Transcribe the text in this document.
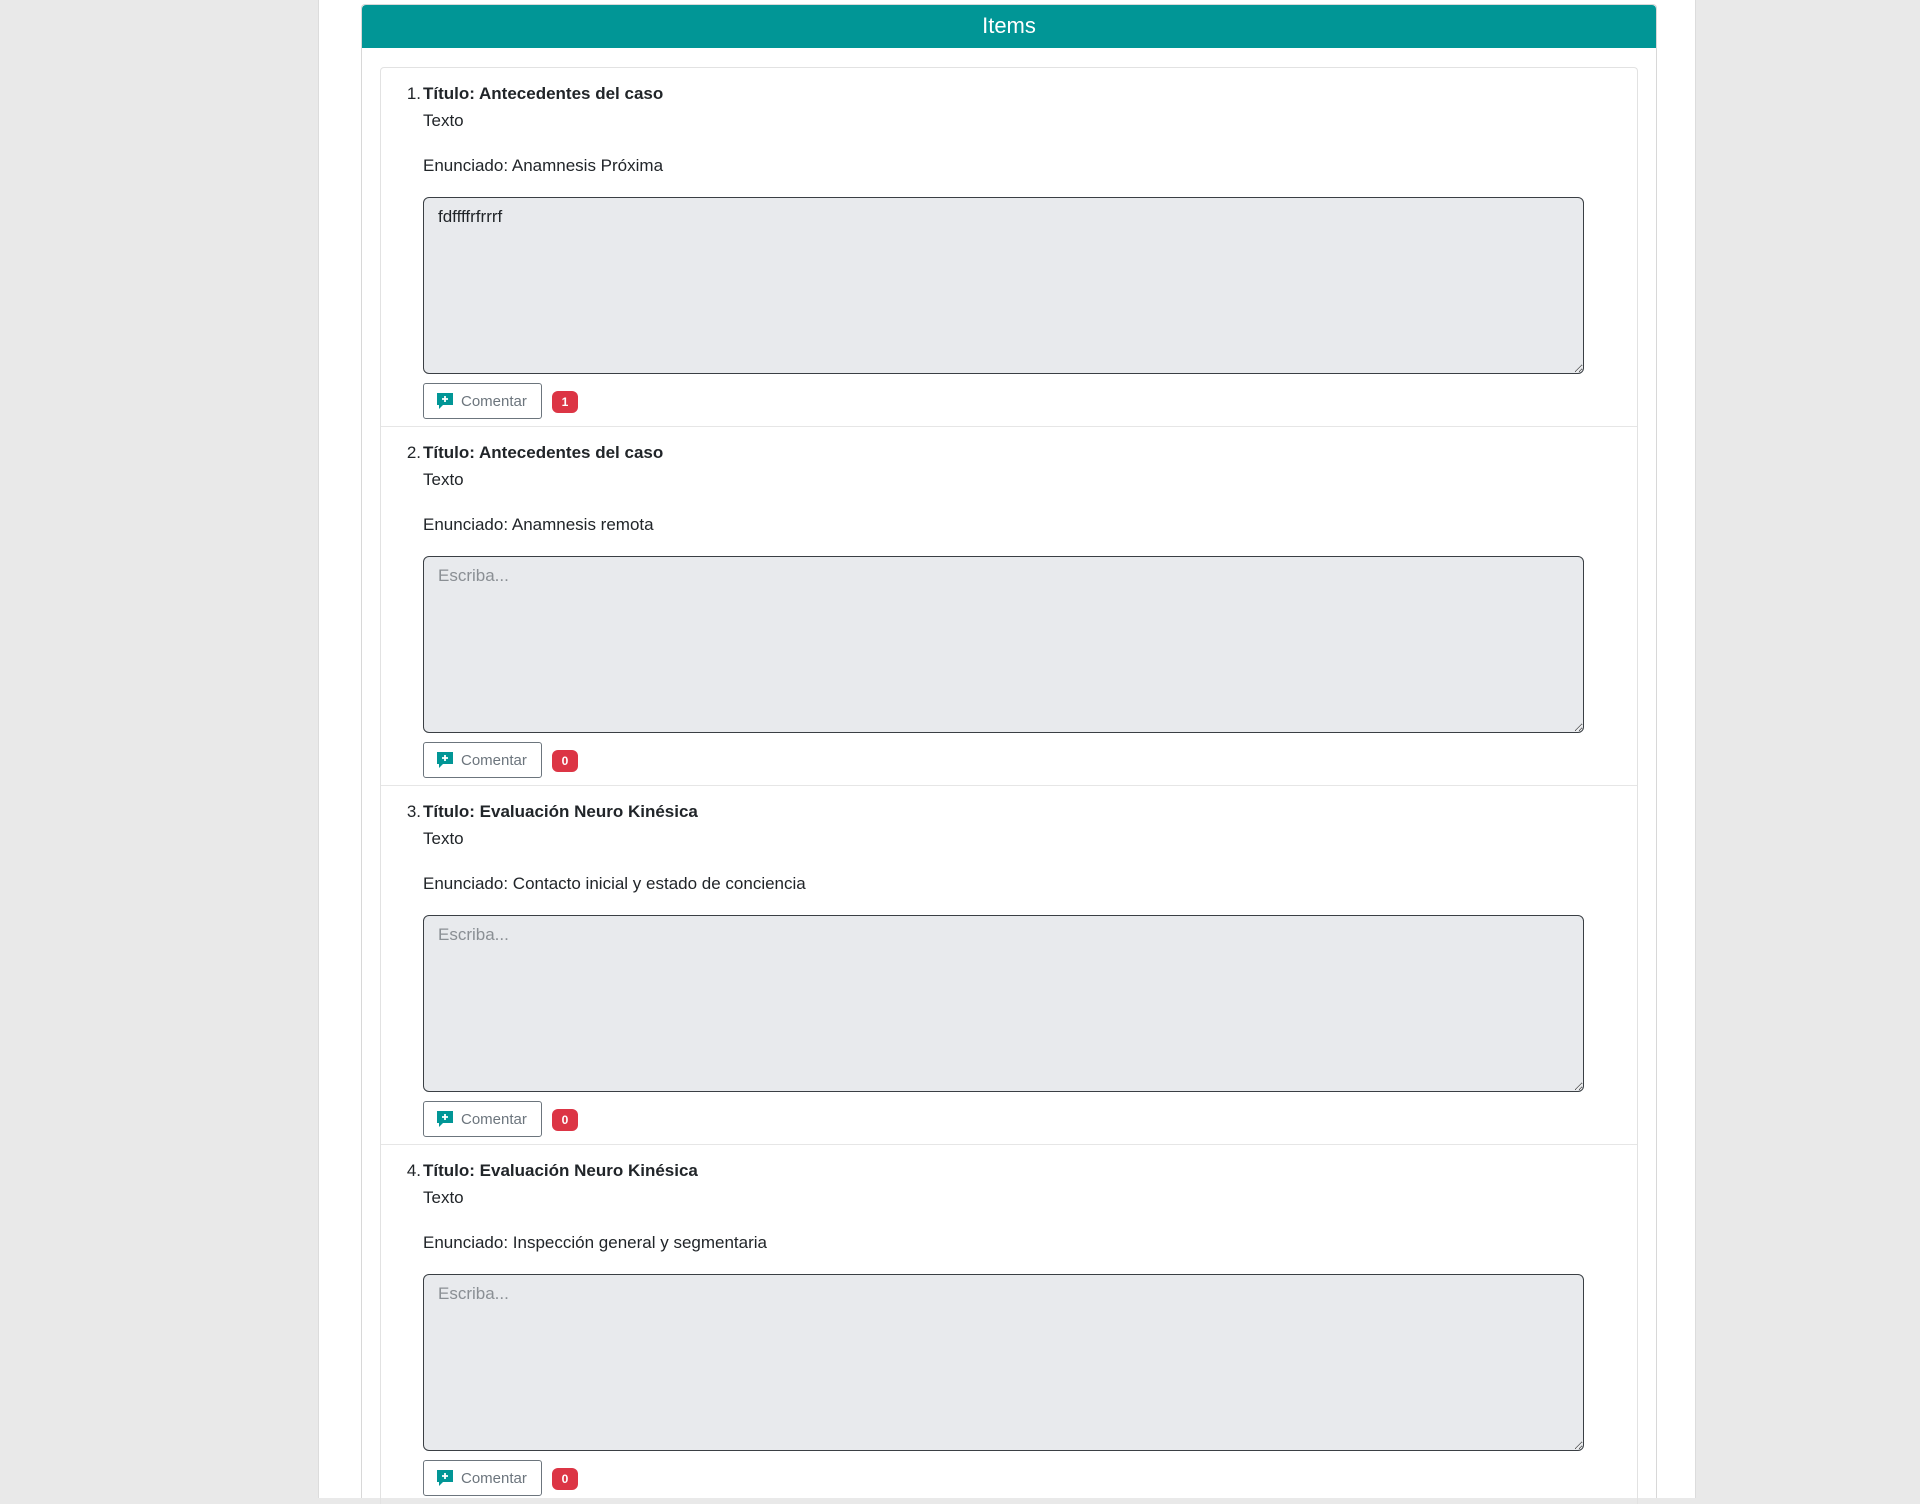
Items
1. Título: Antecedentes del caso
Texto
Enunciado: Anamnesis Próxima
fdffffrfrrrf
Comentar	1
2. Título: Antecedentes del caso
Texto
Enunciado: Anamnesis remota
Escriba...
Comentar	0
3. Título: Evaluación Neuro Kinésica
Texto
Enunciado: Contacto inicial y estado de conciencia
Escriba...
Comentar	0
4. Título: Evaluación Neuro Kinésica
Texto
Enunciado: Inspección general y segmentaria
Escriba...
Comentar	0
